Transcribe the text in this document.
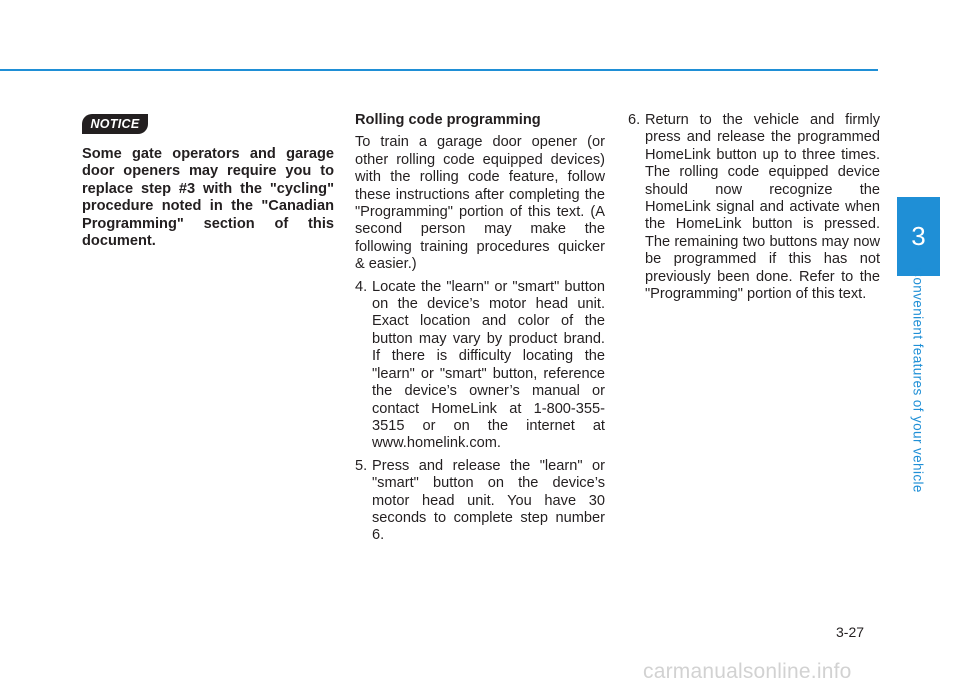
NOTICE

Some gate operators and garage door openers may require you to replace step #3 with the "cycling" procedure noted in the "Canadian Programming" section of this document.

Rolling code programming

To train a garage door opener (or other rolling code equipped devices) with the rolling code feature, follow these instructions after completing the "Programming" portion of this text. (A second person may make the following training procedures quicker & easier.)

4. Locate the "learn" or "smart" button on the device’s motor head unit. Exact location and color of the button may vary by product brand. If there is difficulty locating the "learn" or "smart" button, reference the device’s owner’s manual or contact HomeLink at 1-800-355-3515 or on the internet at www.homelink.com.
5. Press and release the "learn" or "smart" button on the device’s motor head unit. You have 30 seconds to complete step number 6.
6. Return to the vehicle and firmly press and release the programmed HomeLink button up to three times. The rolling code equipped device should now recognize the HomeLink signal and activate when the HomeLink button is pressed. The remaining two buttons may now be programmed if this has not previously been done. Refer to the "Programming" portion of this text.
3
Convenient features of your vehicle
3-27
carmanualsonline.info
